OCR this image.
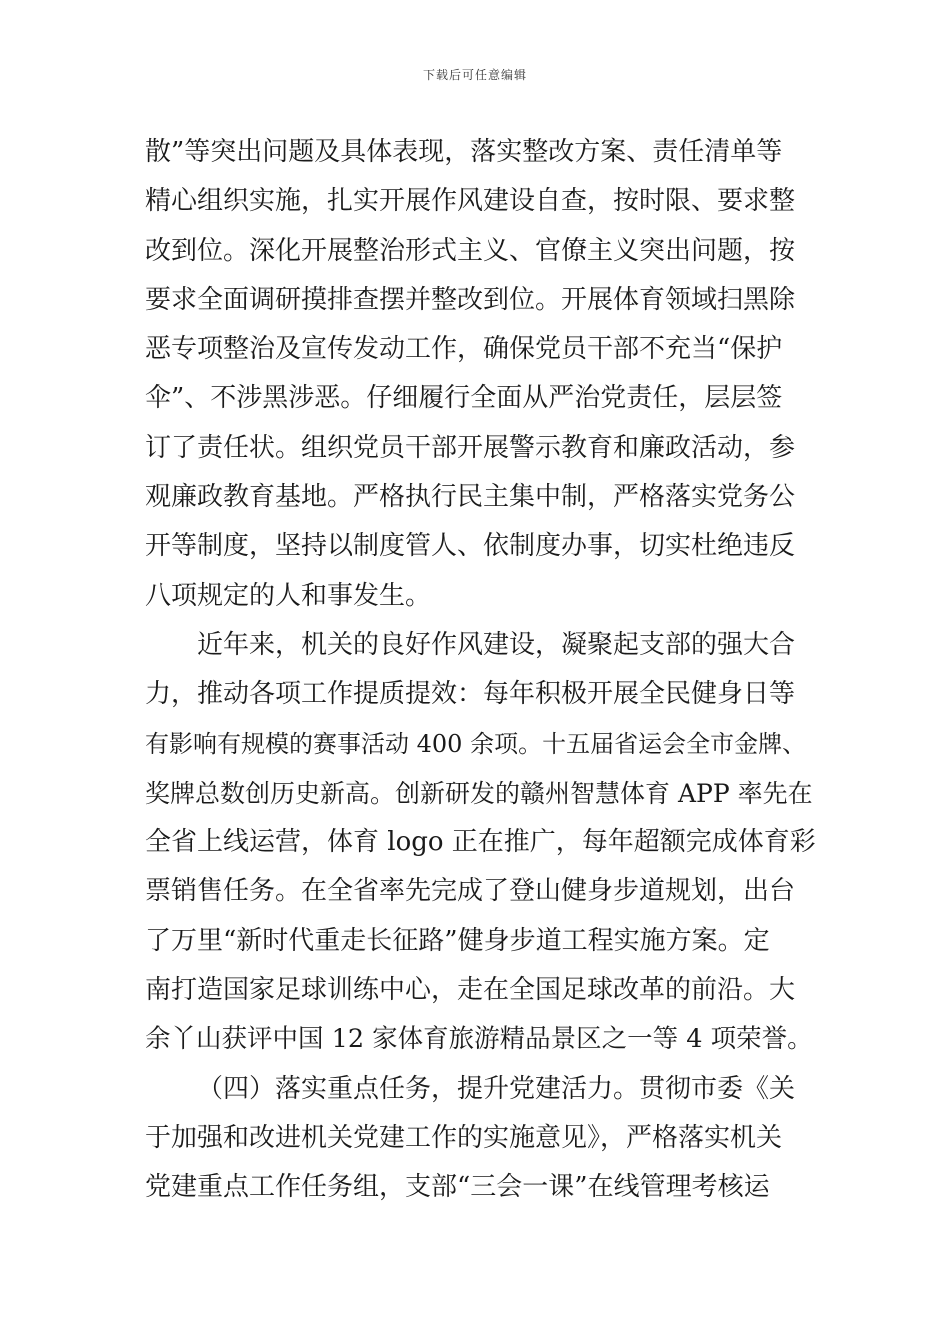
下载后可任意编辑
散”等突出问题及具体表现，落实整改方案、责任清单等
精心组织实施，扎实开展作风建设自查，按时限、要求整
改到位。深化开展整治形式主义、官僚主义突出问题，按
要求全面调研摸排查摆并整改到位。开展体育领域扫黑除
恶专项整治及宣传发动工作，确保党员干部不充当“保护
伞”、不涉黑涉恶。仔细履行全面从严治党责任，层层签
订了责任状。组织党员干部开展警示教育和廉政活动，参
观廉政教育基地。严格执行民主集中制，严格落实党务公
开等制度，坚持以制度管人、依制度办事，切实杜绝违反
八项规定的人和事发生。
近年来，机关的良好作风建设，凝聚起支部的强大合
力，推动各项工作提质提效：每年积极开展全民健身日等
有影响有规模的赛事活动 400 余项。十五届省运会全市金牌、
奖牌总数创历史新高。创新研发的赣州智慧体育 APP 率先在
全省上线运营，体育 logo 正在推广，每年超额完成体育彩
票销售任务。在全省率先完成了登山健身步道规划，出台
了万里“新时代重走长征路”健身步道工程实施方案。定
南打造国家足球训练中心，走在全国足球改革的前沿。大
余丫山获评中国 12 家体育旅游精品景区之一等 4 项荣誉。
（四）落实重点任务，提升党建活力。贯彻市委《关
于加强和改进机关党建工作的实施意见》，严格落实机关
党建重点工作任务组，支部“三会一课”在线管理考核运
